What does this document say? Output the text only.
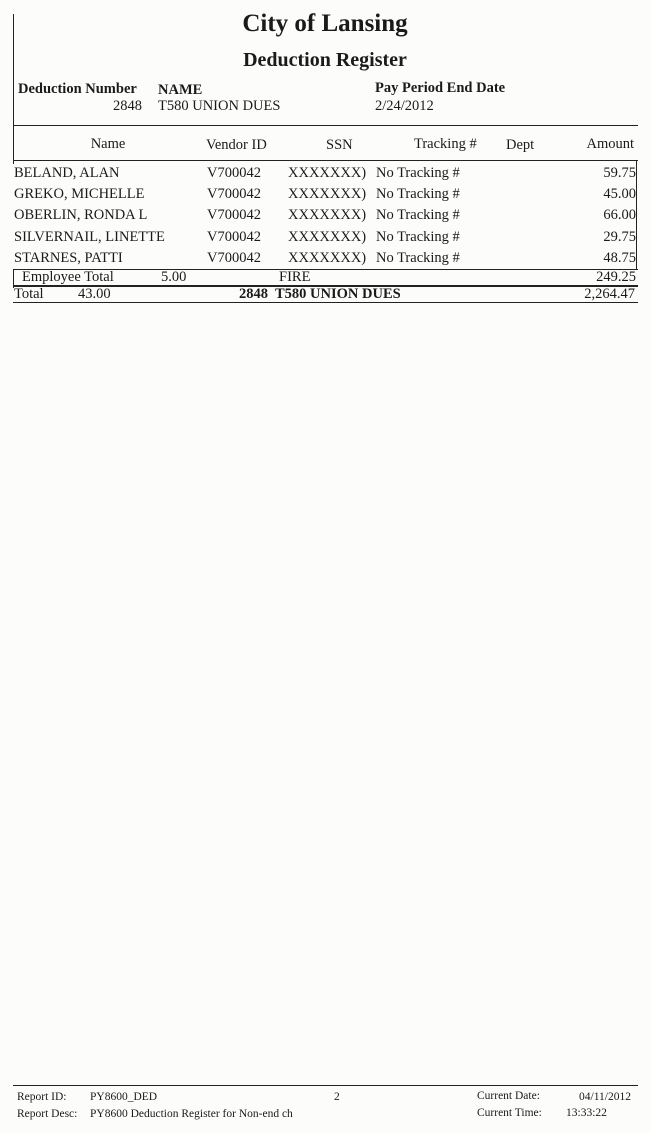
City of Lansing
Deduction Register
Deduction Number NAME	Pay Period End Date
2848 T580 UNION DUES	2/24/2012
Name	Vendor ID	SSN	Tracking # Dept	Amount
BELAND, ALAN	V700042 XXXXXXX) No Tracking #	59.75
GREKO, MICHELLE	V700042 XXXXXXX) No Tracking #	45.00
OBERLIN, RONDA L	V700042 XXXXXXX) No Tracking #	66.00
SILVERNAIL, LINETTE	V700042 XXXXXXX) No Tracking #	29.75
STARNES, PATTI	V700042 XXXXXXX) No Tracking #	48.75
Employee Total	5.00	FIRE	249.25
Total 43.00	2848  T580 UNION DUES	2,264.47
Report ID: PY8600_DED	2
Report Desc: PY8600 Deduction Register for Non-end ch
Current Date:	04/11/2012
Current Time: 13:33:22
